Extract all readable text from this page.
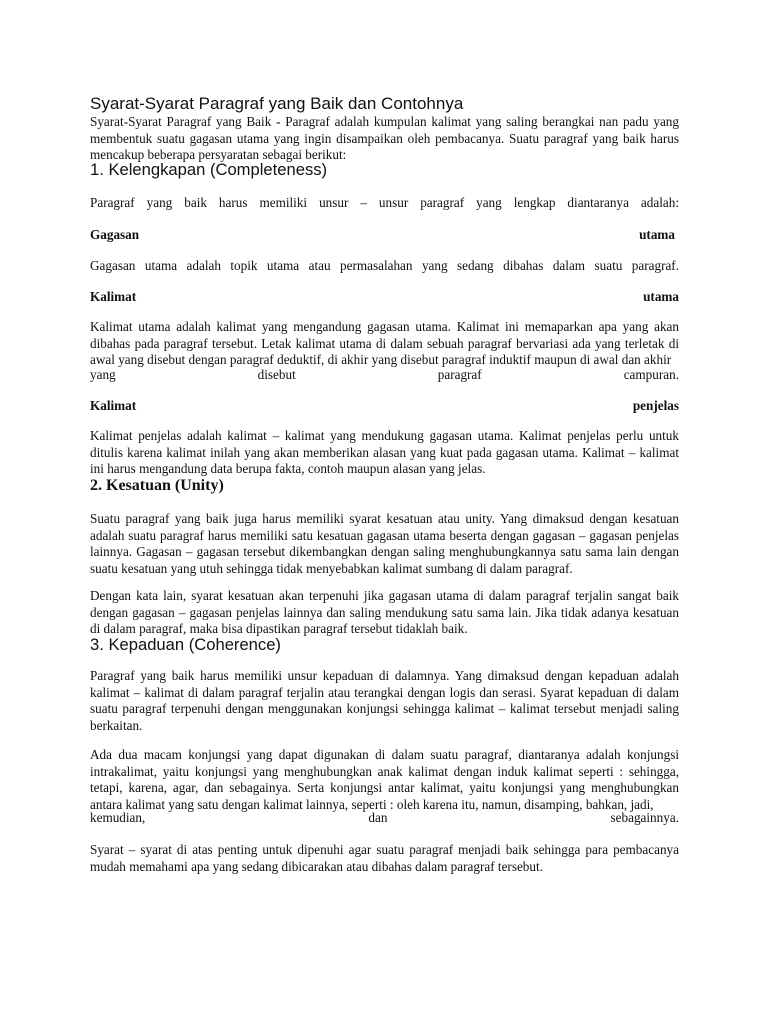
Syarat-Syarat Paragraf yang Baik dan Contohnya

Syarat-Syarat Paragraf yang Baik - Paragraf adalah kumpulan kalimat yang saling berangkai nan padu yang membentuk suatu gagasan utama yang ingin disampaikan oleh pembacanya. Suatu paragraf yang baik harus mencakup beberapa persyaratan sebagai berikut:

1. Kelengkapan (Completeness)

Paragraf yang baik harus memiliki unsur – unsur paragraf yang lengkap diantaranya adalah:

Gagasan	utama

Gagasan utama adalah topik utama atau permasalahan yang sedang dibahas dalam suatu paragraf.

Kalimat	utama

Kalimat utama adalah kalimat yang mengandung gagasan utama. Kalimat ini memaparkan apa yang akan dibahas pada paragraf tersebut. Letak kalimat utama di dalam sebuah paragraf bervariasi ada yang terletak di awal yang disebut dengan paragraf deduktif, di akhir yang disebut paragraf induktif maupun di awal dan akhir

yang disebut paragraf campuran.

Kalimat	penjelas

Kalimat penjelas adalah kalimat – kalimat yang mendukung gagasan utama. Kalimat penjelas perlu untuk ditulis karena kalimat inilah yang akan memberikan alasan yang kuat pada gagasan utama. Kalimat – kalimat ini harus mengandung data berupa fakta, contoh maupun alasan yang jelas.

2. Kesatuan (Unity)

Suatu paragraf yang baik juga harus memiliki syarat kesatuan atau unity. Yang dimaksud dengan kesatuan adalah suatu paragraf harus memiliki satu kesatuan gagasan utama beserta dengan gagasan – gagasan penjelas lainnya. Gagasan – gagasan tersebut dikembangkan dengan saling menghubungkannya satu sama lain dengan suatu kesatuan yang utuh sehingga tidak menyebabkan kalimat sumbang di dalam paragraf.

Dengan kata lain, syarat kesatuan akan terpenuhi jika gagasan utama di dalam paragraf terjalin sangat baik dengan gagasan – gagasan penjelas lainnya dan saling mendukung satu sama lain. Jika tidak adanya kesatuan di dalam paragraf, maka bisa dipastikan paragraf tersebut tidaklah baik.

3. Kepaduan (Coherence)

Paragraf yang baik harus memiliki unsur kepaduan di dalamnya. Yang dimaksud dengan kepaduan adalah kalimat – kalimat di dalam paragraf terjalin atau terangkai dengan logis dan serasi. Syarat kepaduan di dalam suatu paragraf terpenuhi dengan menggunakan konjungsi sehingga kalimat – kalimat tersebut menjadi saling berkaitan.

Ada dua macam konjungsi yang dapat digunakan di dalam suatu paragraf, diantaranya adalah konjungsi intrakalimat, yaitu konjungsi yang menghubungkan anak kalimat dengan induk kalimat seperti : sehingga, tetapi, karena, agar, dan sebagainya. Serta konjungsi antar kalimat, yaitu konjungsi yang menghubungkan antara kalimat yang satu dengan kalimat lainnya, seperti : oleh karena itu, namun, disamping, bahkan, jadi,

kemudian, dan sebagainnya.

Syarat – syarat di atas penting untuk dipenuhi agar suatu paragraf menjadi baik sehingga para pembacanya mudah memahami apa yang sedang dibicarakan atau dibahas dalam paragraf tersebut.
